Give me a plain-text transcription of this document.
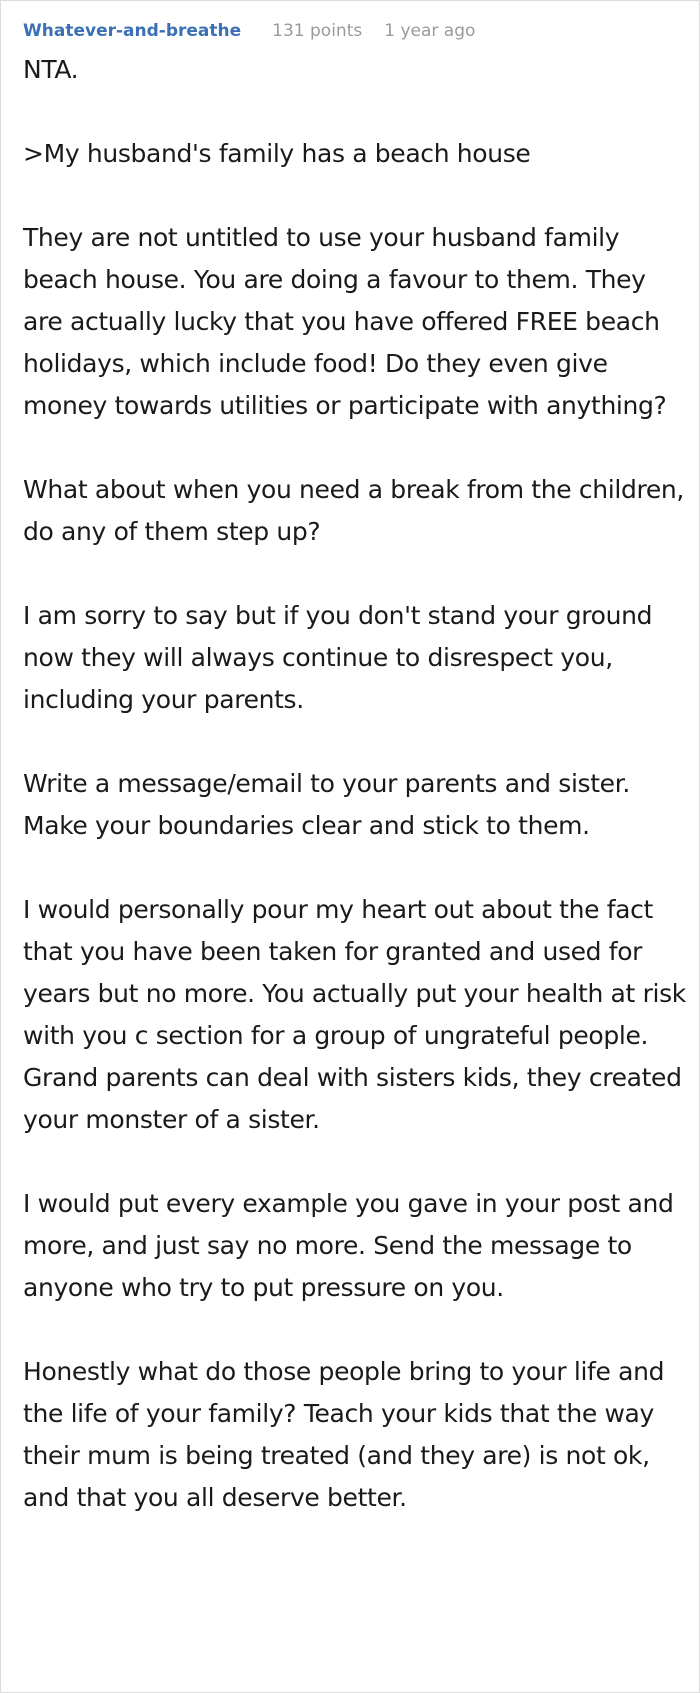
Whatever-and-breathe 131 points 1 year ago

NTA.

>My husband's family has a beach house

They are not untitled to use your husband family beach house. You are doing a favour to them. They are actually lucky that you have offered FREE beach holidays, which include food! Do they even give money towards utilities or participate with anything?

What about when you need a break from the children, do any of them step up?

I am sorry to say but if you don't stand your ground now they will always continue to disrespect you, including your parents.

Write a message/email to your parents and sister. Make your boundaries clear and stick to them.

I would personally pour my heart out about the fact that you have been taken for granted and used for years but no more. You actually put your health at risk with you c section for a group of ungrateful people. Grand parents can deal with sisters kids, they created your monster of a sister.

I would put every example you gave in your post and more, and just say no more. Send the message to anyone who try to put pressure on you.

Honestly what do those people bring to your life and the life of your family? Teach your kids that the way their mum is being treated (and they are) is not ok, and that you all deserve better.
